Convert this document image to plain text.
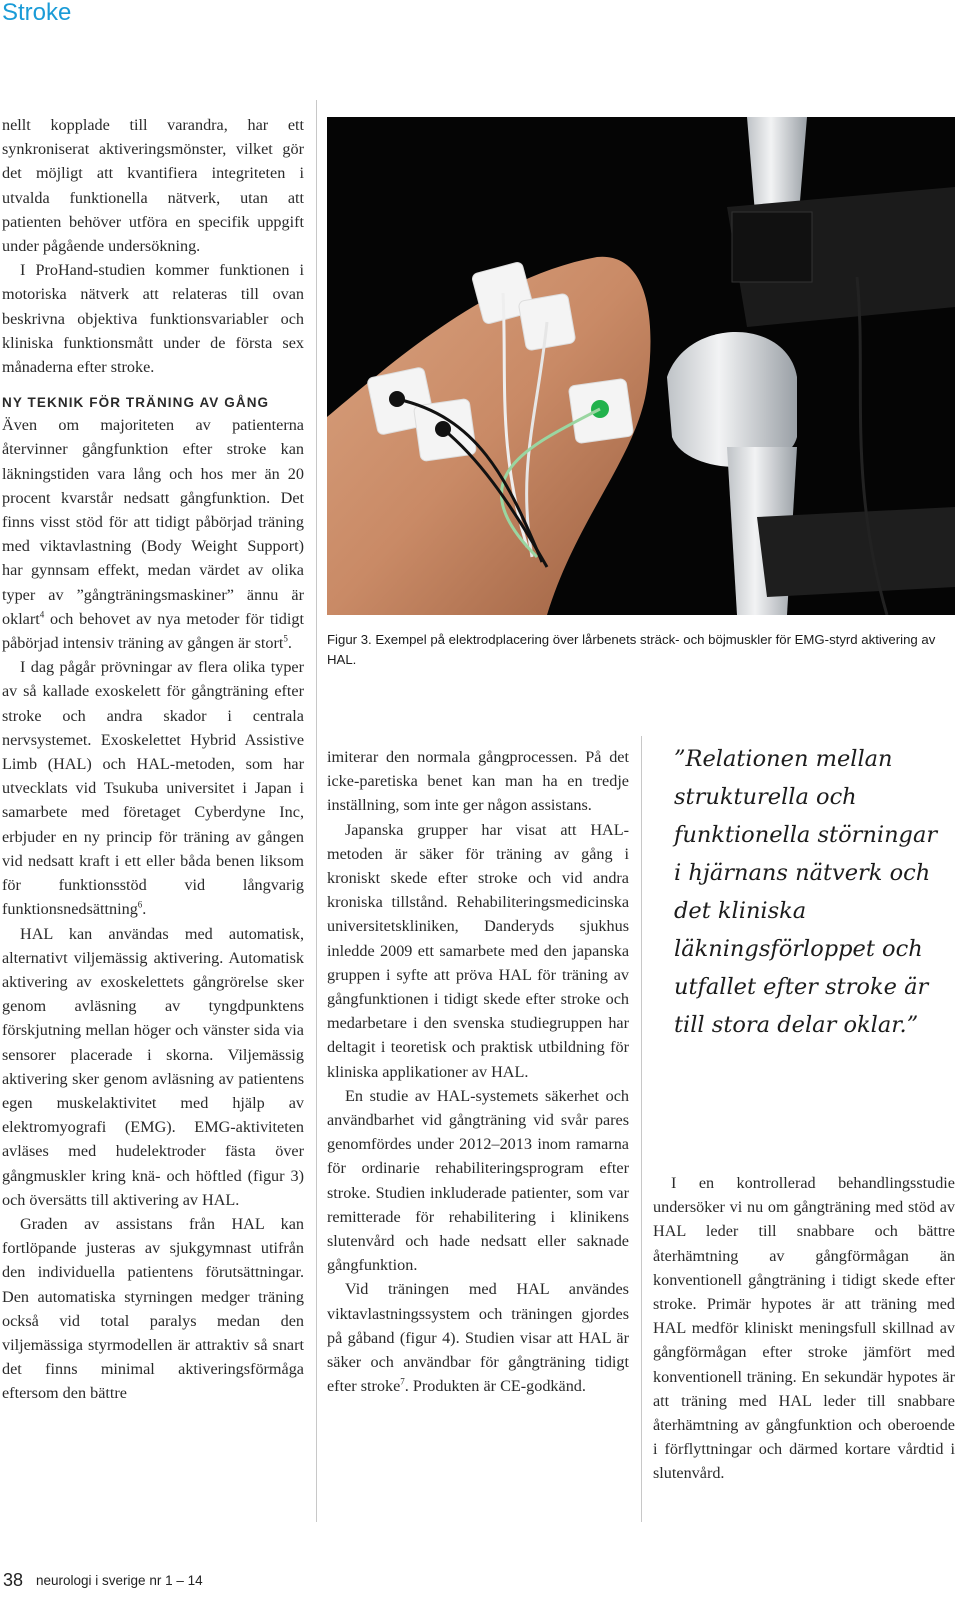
Stroke

nellt kopplade till varandra, har ett synkroniserat aktiveringsmönster, vilket gör det möjligt att kvantifiera integriteten i utvalda funktionella nätverk, utan att patienten behöver utföra en specifik uppgift under pågående undersökning.

I ProHand-studien kommer funktionen i motoriska nätverk att relateras till ovan beskrivna objektiva funktionsvariabler och kliniska funktionsmått under de första sex månaderna efter stroke.

NY TEKNIK FÖR TRÄNING AV GÅNG

Även om majoriteten av patienterna återvinner gångfunktion efter stroke kan läkningstiden vara lång och hos mer än 20 procent kvarstår nedsatt gångfunktion. Det finns visst stöd för att tidigt påbörjad träning med viktavlastning (Body Weight Support) har gynnsam effekt, medan värdet av olika typer av ”gångträningsmaskiner” ännu är oklart$^4$ och behovet av nya metoder för tidigt påbörjad intensiv träning av gången är stort$^5$.

I dag pågår prövningar av flera olika typer av så kallade exoskelett för gångträning efter stroke och andra skador i centrala nervsystemet. Exoskelettet Hybrid Assistive Limb (HAL) och HAL-metoden, som har utvecklats vid Tsukuba universitet i Japan i samarbete med företaget Cyberdyne Inc, erbjuder en ny princip för träning av gången vid nedsatt kraft i ett eller båda benen liksom för funktionsstöd vid långvarig funktionsnedsättning$^6$.

HAL kan användas med automatisk, alternativt viljemässig aktivering. Automatisk aktivering av exoskelettets gångrörelse sker genom avläsning av tyngdpunktens förskjutning mellan höger och vänster sida via sensorer placerade i skorna. Viljemässig aktivering sker genom avläsning av patientens egen muskelaktivitet med hjälp av elektromyografi (EMG). EMG-aktiviteten avläses med hudelektroder fästa över gångmuskler kring knä- och höftled (figur 3) och översätts till aktivering av HAL.

Graden av assistans från HAL kan fortlöpande justeras av sjukgymnast utifrån den individuella patientens förutsättningar. Den automatiska styrningen medger träning också vid total paralys medan den viljemässiga styrmodellen är attraktiv så snart det finns minimal aktiveringsförmåga eftersom den bättre

Figur 3. Exempel på elektrodplacering över lårbenets sträck- och böjmuskler för EMG-styrd aktivering av HAL.

imiterar den normala gångprocessen. På det icke-paretiska benet kan man ha en tredje inställning, som inte ger någon assistans.

Japanska grupper har visat att HAL-metoden är säker för träning av gång i kroniskt skede efter stroke och vid andra kroniska tillstånd. Rehabiliteringsmedicinska universitetskliniken, Danderyds sjukhus inledde 2009 ett samarbete med den japanska gruppen i syfte att pröva HAL för träning av gångfunktionen i tidigt skede efter stroke och medarbetare i den svenska studiegruppen har deltagit i teoretisk och praktisk utbildning för kliniska applikationer av HAL.

En studie av HAL-systemets säkerhet och användbarhet vid gångträning vid svår pares genomfördes under 2012–2013 inom ramarna för ordinarie rehabiliteringsprogram efter stroke. Studien inkluderade patienter, som var remitterade för rehabilitering i klinikens slutenvård och hade nedsatt eller saknade gångfunktion.

Vid träningen med HAL användes viktavlastningssystem och träningen gjordes på gåband (figur 4). Studien visar att HAL är säker och användbar för gångträning tidigt efter stroke$^7$. Produkten är CE-godkänd.

”Relationen mellan strukturella och funktionella störningar i hjärnans nätverk och det kliniska läkningsförloppet och utfallet efter stroke är till stora delar oklar.”

I en kontrollerad behandlingsstudie undersöker vi nu om gångträning med stöd av HAL leder till snabbare och bättre återhämtning av gångförmågan än konventionell gångträning i tidigt skede efter stroke. Primär hypotes är att träning med HAL medför kliniskt meningsfull skillnad av gångförmågan efter stroke jämfört med konventionell träning. En sekundär hypotes är att träning med HAL leder till snabbare återhämtning av gångfunktion och oberoende i förflyttningar och därmed kortare vårdtid i slutenvård.

38 neurologi i sverige nr 1 – 14
